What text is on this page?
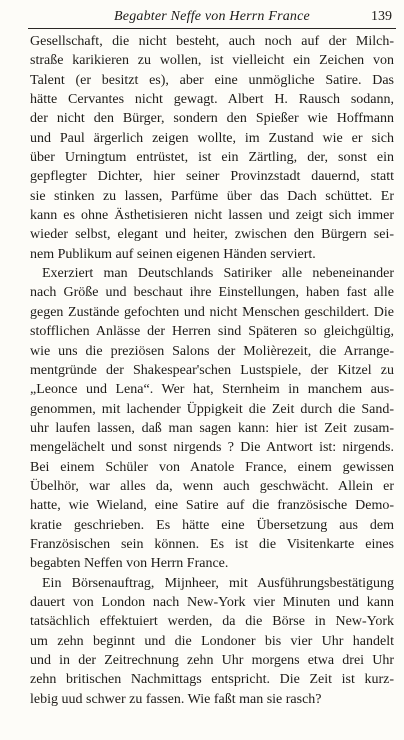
Begabter Neffe von Herrn France	139
Gesellschaft, die nicht besteht, auch noch auf der Milch-
straße karikieren zu wollen, ist vielleicht ein Zeichen von
Talent (er besitzt es), aber eine unmögliche Satire. Das
hätte Cervantes nicht gewagt. Albert H. Rausch sodann,
der nicht den Bürger, sondern den Spießer wie Hoffmann
und Paul ärgerlich zeigen wollte, im Zustand wie er sich
über Urningtum entrüstet, ist ein Zärtling, der, sonst ein
gepflegter Dichter, hier seiner Provinzstadt dauernd, statt
sie stinken zu lassen, Parfüme über das Dach schüttet. Er
kann es ohne Ästhetisieren nicht lassen und zeigt sich immer
wieder selbst, elegant und heiter, zwischen den Bürgern sei-
nem Publikum auf seinen eigenen Händen serviert.
Exerziert man Deutschlands Satiriker alle nebeneinander
nach Größe und beschaut ihre Einstellungen, haben fast alle
gegen Zustände gefochten und nicht Menschen geschildert. Die
stofflichen Anlässe der Herren sind Späteren so gleichgültig,
wie uns die preziösen Salons der Molièrezeit, die Arrange-
mentgründe der Shakespear'schen Lustspiele, der Kitzel zu
„Leonce und Lena“. Wer hat, Sternheim in manchem aus-
genommen, mit lachender Üppigkeit die Zeit durch die Sand-
uhr laufen lassen, daß man sagen kann: hier ist Zeit zusam-
mengelächelt und sonst nirgends ? Die Antwort ist: nirgends.
Bei einem Schüler von Anatole France, einem gewissen
Übelhör, war alles da, wenn auch geschwächt. Allein er
hatte, wie Wieland, eine Satire auf die französische Demo-
kratie geschrieben. Es hätte eine Übersetzung aus dem
Französischen sein können. Es ist die Visitenkarte eines
begabten Neffen von Herrn France.
Ein Börsenauftrag, Mijnheer, mit Ausführungsbestätigung
dauert von London nach New-York vier Minuten und kann
tatsächlich effektuiert werden, da die Börse in New-York
um zehn beginnt und die Londoner bis vier Uhr handelt
und in der Zeitrechnung zehn Uhr morgens etwa drei Uhr
zehn britischen Nachmittags entspricht. Die Zeit ist kurz-
lebig uud schwer zu fassen. Wie faßt man sie rasch?
